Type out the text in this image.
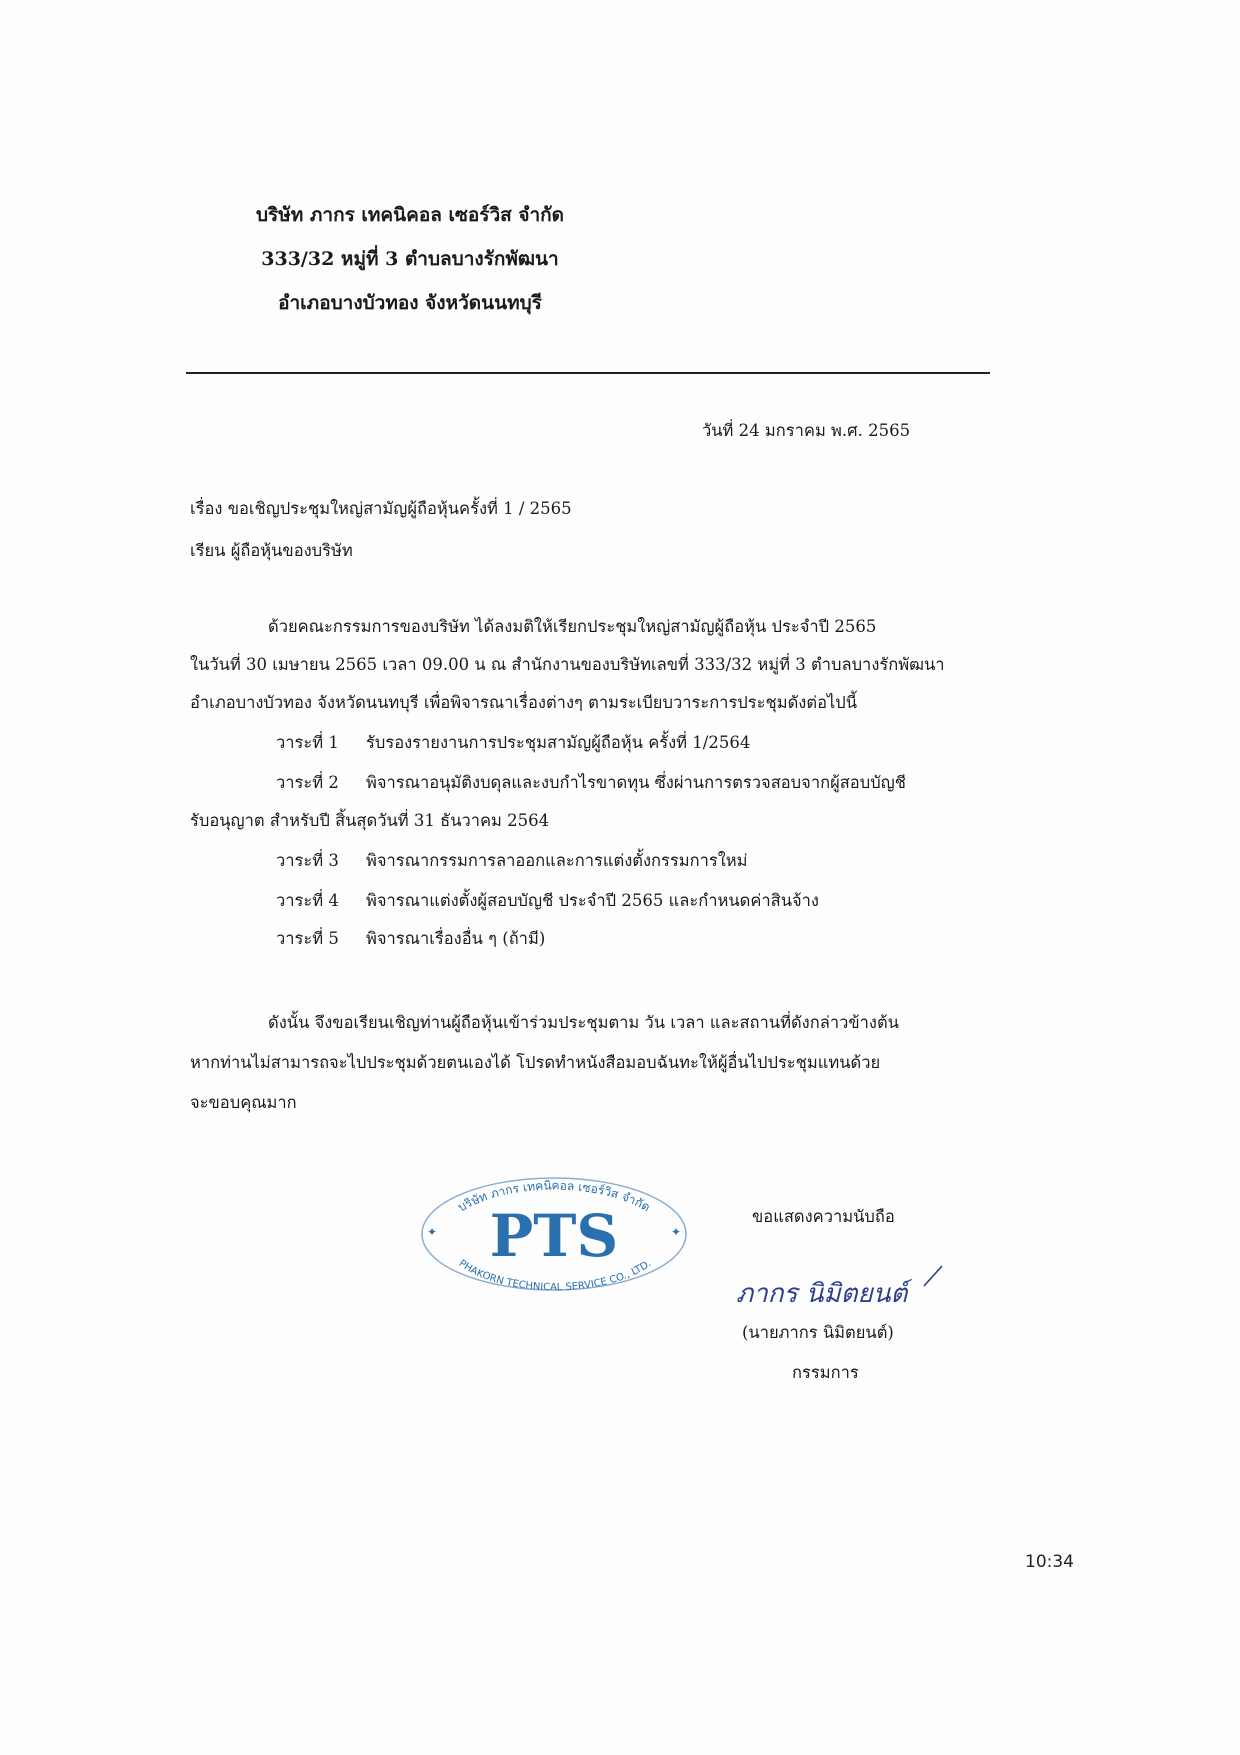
บริษัท ภากร เทคนิคอล เซอร์วิส จำกัด
333/32 หมู่ที่ 3 ตำบลบางรักพัฒนา
อำเภอบางบัวทอง จังหวัดนนทบุรี
วันที่ 24 มกราคม พ.ศ. 2565
เรื่อง ขอเชิญประชุมใหญ่สามัญผู้ถือหุ้นครั้งที่ 1 / 2565
เรียน ผู้ถือหุ้นของบริษัท
ด้วยคณะกรรมการของบริษัท ได้ลงมติให้เรียกประชุมใหญ่สามัญผู้ถือหุ้น ประจำปี 2565
ในวันที่ 30 เมษายน 2565 เวลา 09.00 น ณ สำนักงานของบริษัทเลขที่ 333/32 หมู่ที่ 3 ตำบลบางรักพัฒนา
อำเภอบางบัวทอง จังหวัดนนทบุรี เพื่อพิจารณาเรื่องต่างๆ ตามระเบียบวาระการประชุมดังต่อไปนี้
วาระที่ 1 รับรองรายงานการประชุมสามัญผู้ถือหุ้น ครั้งที่ 1/2564
วาระที่ 2 พิจารณาอนุมัติงบดุลและงบกำไรขาดทุน ซึ่งผ่านการตรวจสอบจากผู้สอบบัญชี
รับอนุญาต สำหรับปี สิ้นสุดวันที่ 31 ธันวาคม 2564
วาระที่ 3 พิจารณากรรมการลาออกและการแต่งตั้งกรรมการใหม่
วาระที่ 4 พิจารณาแต่งตั้งผู้สอบบัญชี ประจำปี 2565 และกำหนดค่าสินจ้าง
วาระที่ 5 พิจารณาเรื่องอื่น ๆ (ถ้ามี)
ดังนั้น จึงขอเรียนเชิญท่านผู้ถือหุ้นเข้าร่วมประชุมตาม วัน เวลา และสถานที่ดังกล่าวข้างต้น
หากท่านไม่สามารถจะไปประชุมด้วยตนเองได้ โปรดทำหนังสือมอบฉันทะให้ผู้อื่นไปประชุมแทนด้วย
จะขอบคุณมาก
บริษัท ภากร เทคนิคอล เซอร์วิส จำกัด
PTS
PHAKORN TECHNICAL SERVICE CO., LTD.
✦	✦
ขอแสดงความนับถือ
ภากร นิมิตยนต์
(นายภากร นิมิตยนต์)
กรรมการ
10:34
